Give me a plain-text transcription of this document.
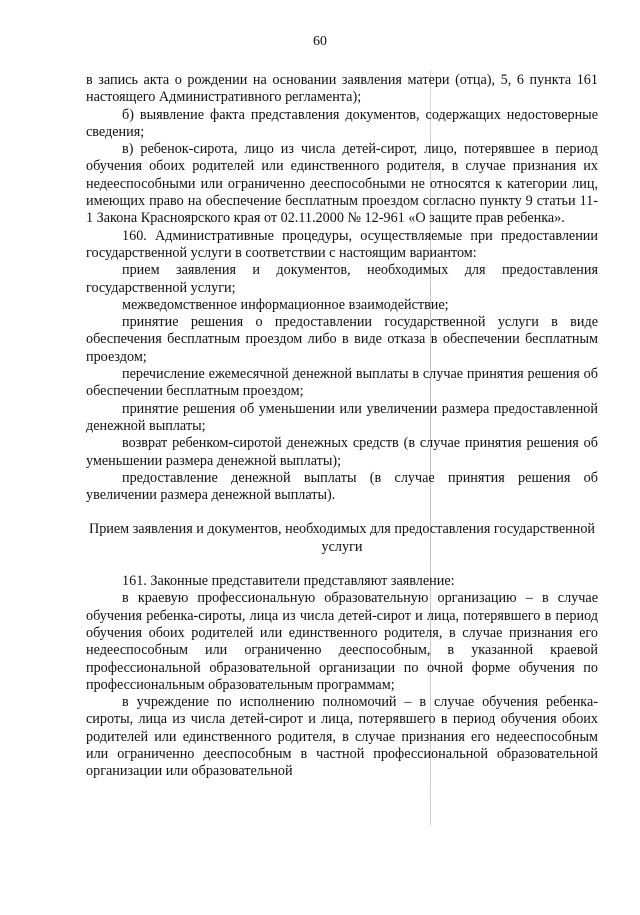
60

в запись акта о рождении на основании заявления матери (отца), 5, 6 пункта 161 настоящего Административного регламента);

б) выявление факта представления документов, содержащих недостоверные сведения;

в) ребенок-сирота, лицо из числа детей-сирот, лицо, потерявшее в период обучения обоих родителей или единственного родителя, в случае признания их недееспособными или ограниченно дееспособными не относятся к категории лиц, имеющих право на обеспечение бесплатным проездом согласно пункту 9 статьи 11-1 Закона Красноярского края от 02.11.2000 № 12-961 «О защите прав ребенка».

160. Административные процедуры, осуществляемые при предоставлении государственной услуги в соответствии с настоящим вариантом:

прием заявления и документов, необходимых для предоставления государственной услуги;

межведомственное информационное взаимодействие;

принятие решения о предоставлении государственной услуги в виде обеспечения бесплатным проездом либо в виде отказа в обеспечении бесплатным проездом;

перечисление ежемесячной денежной выплаты в случае принятия решения об обеспечении бесплатным проездом;

принятие решения об уменьшении или увеличении размера предоставленной денежной выплаты;

возврат ребенком-сиротой денежных средств (в случае принятия решения об уменьшении размера денежной выплаты);

предоставление денежной выплаты (в случае принятия решения об увеличении размера денежной выплаты).

Прием заявления и документов, необходимых для предоставления государственной услуги

161. Законные представители представляют заявление:

в краевую профессиональную образовательную организацию – в случае обучения ребенка-сироты, лица из числа детей-сирот и лица, потерявшего в период обучения обоих родителей или единственного родителя, в случае признания его недееспособным или ограниченно дееспособным, в указанной краевой профессиональной образовательной организации по очной форме обучения по профессиональным образовательным программам;

в учреждение по исполнению полномочий – в случае обучения ребенка-сироты, лица из числа детей-сирот и лица, потерявшего в период обучения обоих родителей или единственного родителя, в случае признания его недееспособным или ограниченно дееспособным в частной профессиональной образовательной организации или образовательной
